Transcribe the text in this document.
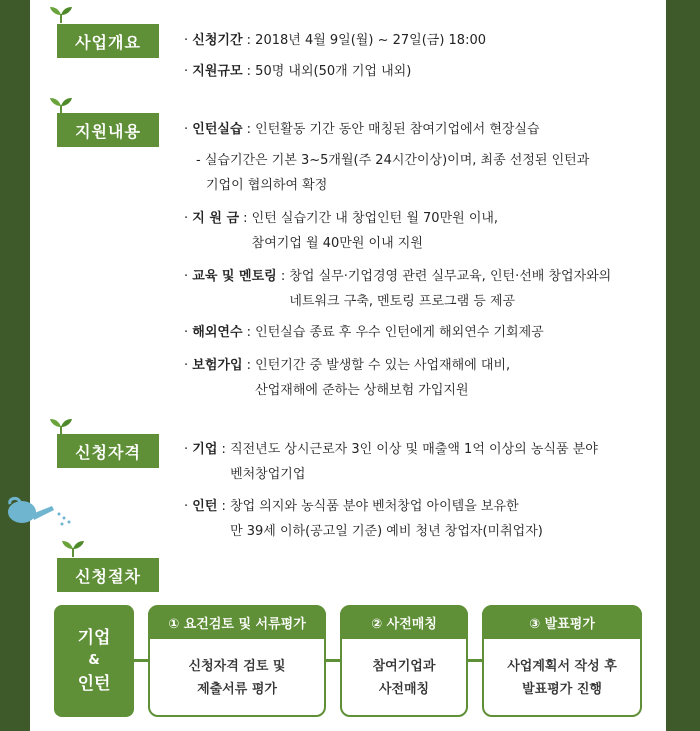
사업개요	· 신청기간 : 2018년 4월 9일(월) ~ 27일(금) 18:00
· 지원규모 : 50명 내외(50개 기업 내외)
지원내용	· 인턴실습 : 인턴활동 기간 동안 매칭된 참여기업에서 현장실습
- 실습기간은 기본 3~5개월(주 24시간이상)이며, 최종 선정된 인턴과
기업이 협의하여 확정
· 지 원 금 : 인턴 실습기간 내 창업인턴 월 70만원 이내,
참여기업 월 40만원 이내 지원
· 교육 및 멘토링 : 창업 실무·기업경영 관련 실무교육, 인턴·선배 창업자와의
네트워크 구축, 멘토링 프로그램 등 제공
· 해외연수 : 인턴실습 종료 후 우수 인턴에게 해외연수 기회제공
· 보험가입 : 인턴기간 중 발생할 수 있는 사업재해에 대비,
산업재해에 준하는 상해보험 가입지원
신청자격	· 기업 : 직전년도 상시근로자 3인 이상 및 매출액 1억 이상의 농식품 분야
벤처창업기업
· 인턴 : 창업 의지와 농식품 분야 벤처창업 아이템을 보유한
만 39세 이하(공고일 기준) 예비 청년 창업자(미취업자)
신청절차
기업
&
인턴
① 요건검토 및 서류평가
신청자격 검토 및
제출서류 평가
② 사전매칭
참여기업과
사전매칭
③ 발표평가
사업계획서 작성 후
발표평가 진행
